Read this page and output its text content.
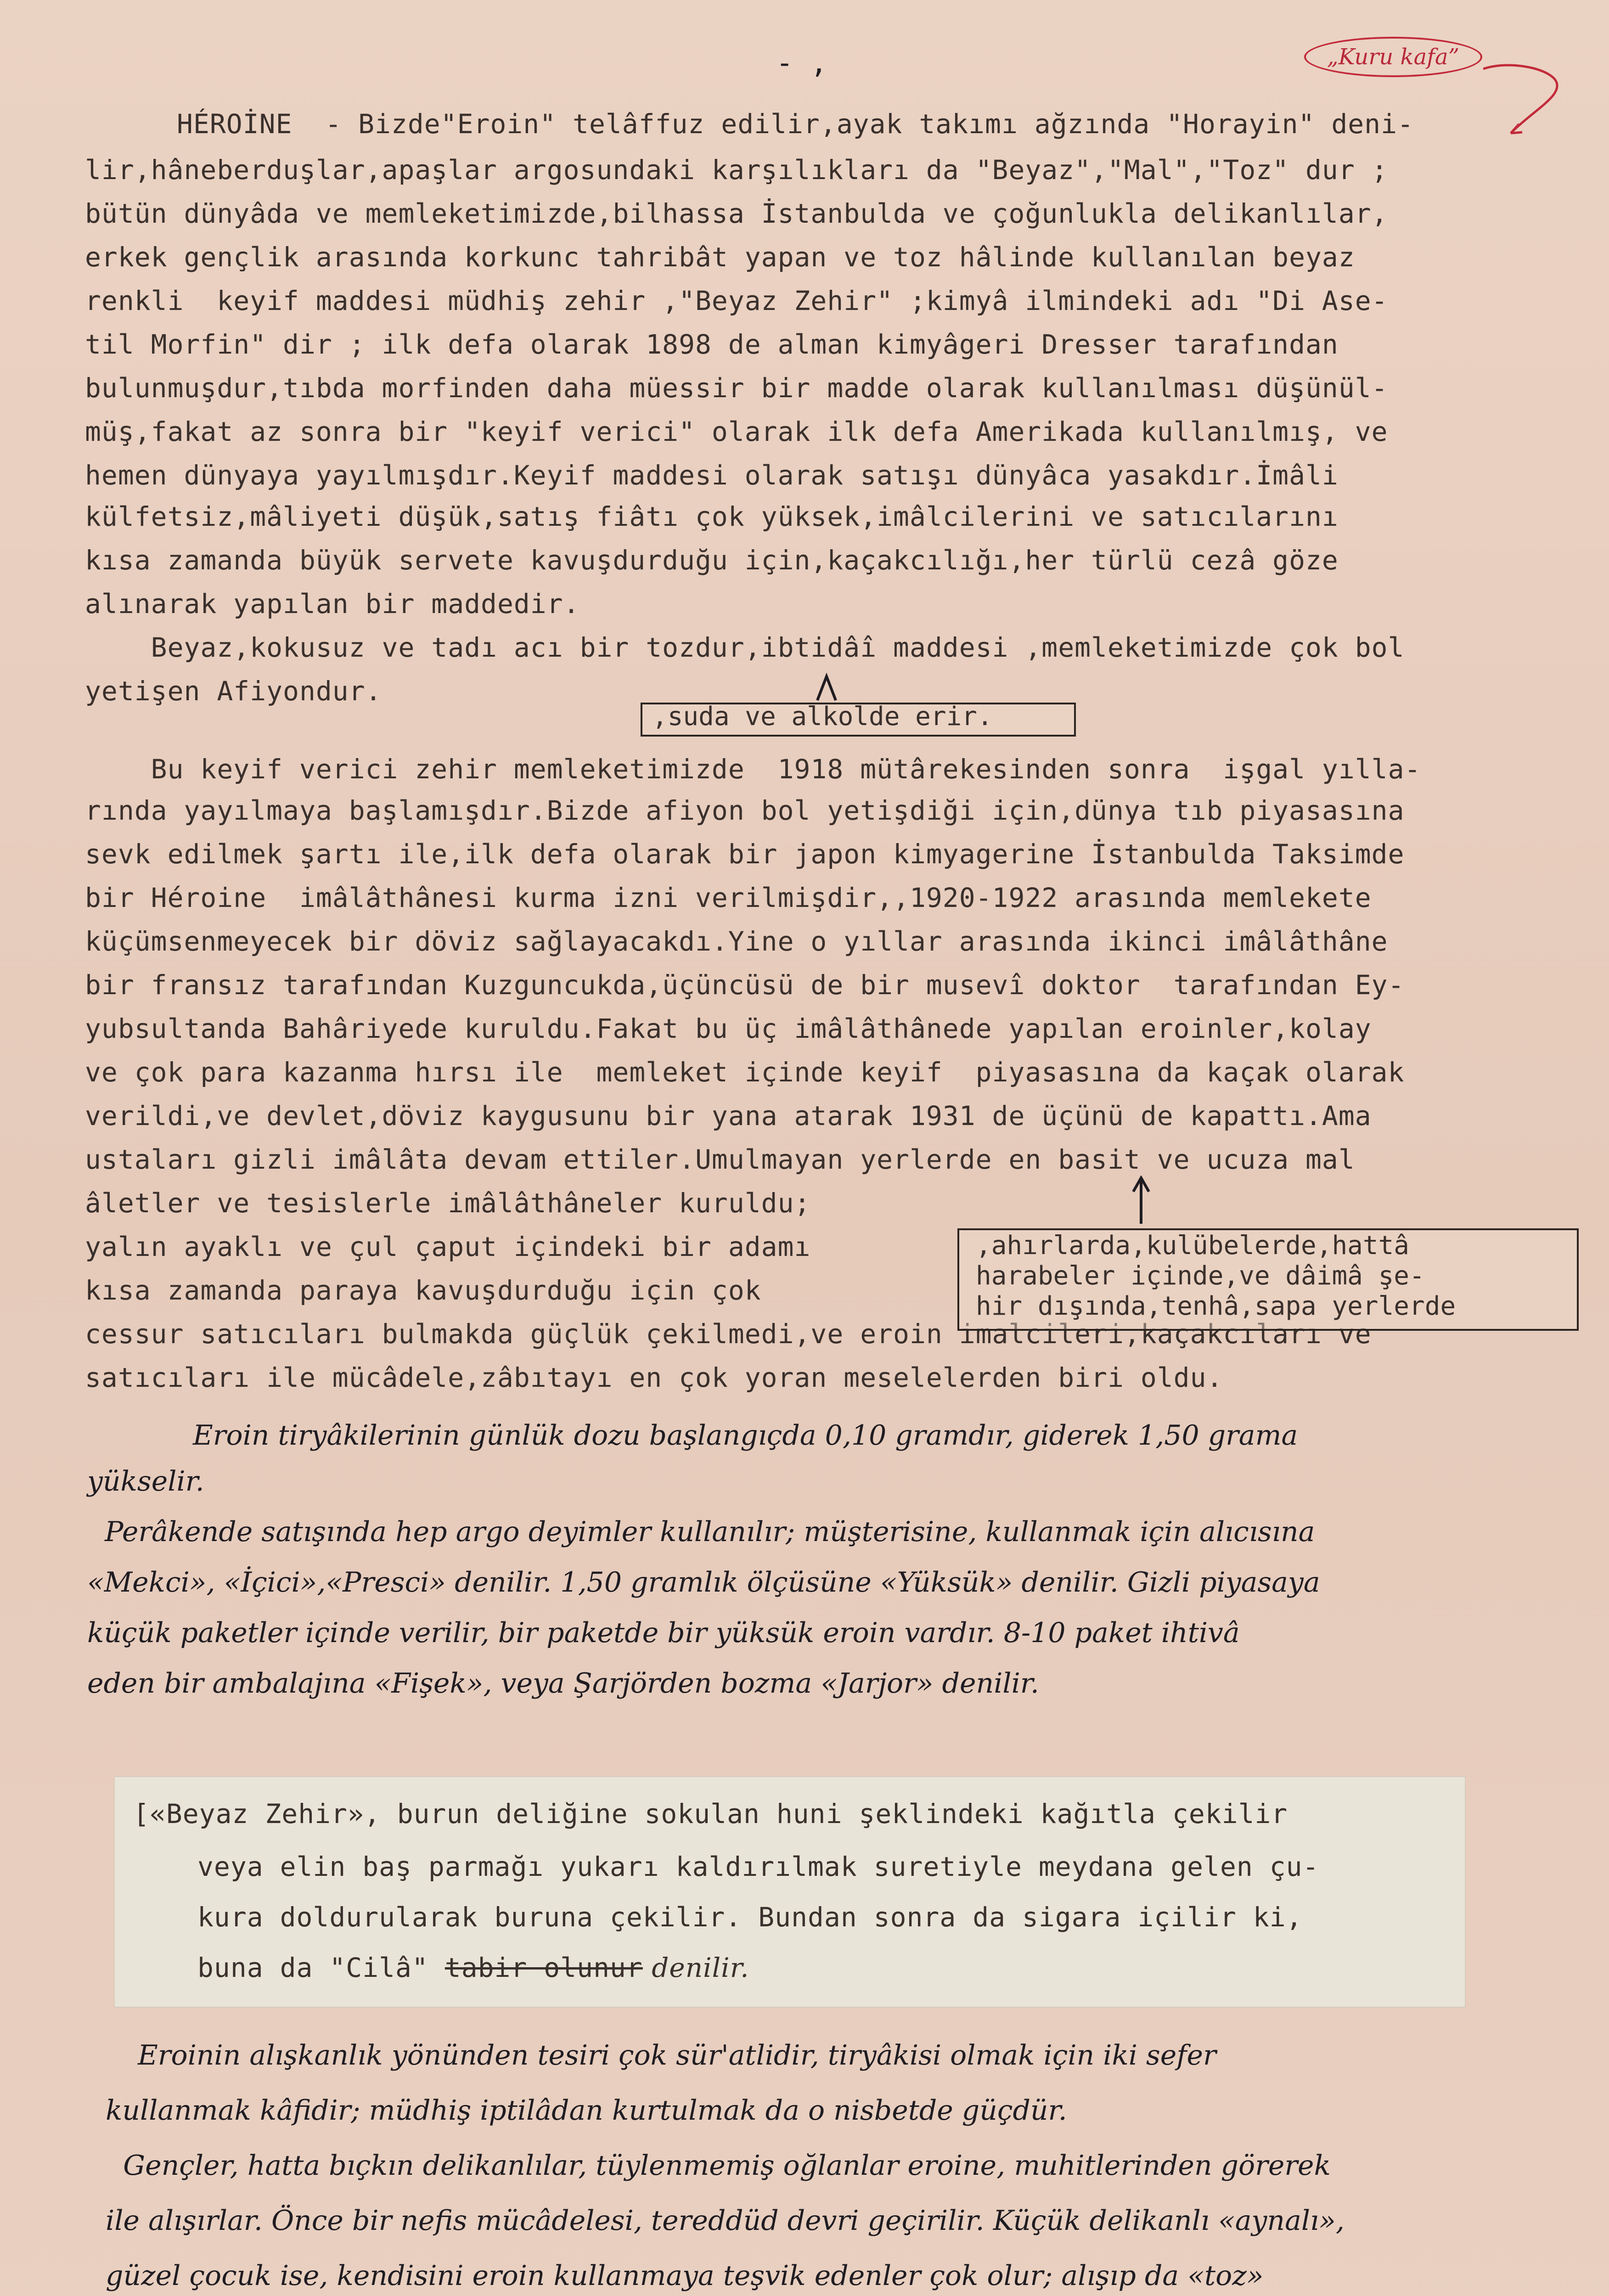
- ,	„Kuru kafa”
HÉROİNE  - Bizde"Eroin" telâffuz edilir,ayak takımı ağzında "Horayin" deni-
lir,hâneberduşlar,apaşlar argosundaki karşılıkları da "Beyaz","Mal","Toz" dur ;
bütün dünyâda ve memleketimizde,bilhassa İstanbulda ve çoğunlukla delikanlılar,
erkek gençlik arasında korkunc tahribât yapan ve toz hâlinde kullanılan beyaz
renkli  keyif maddesi müdhiş zehir ,"Beyaz Zehir" ;kimyâ ilmindeki adı "Di Ase-
til Morfin" dir ; ilk defa olarak 1898 de alman kimyâgeri Dresser tarafından
bulunmuşdur,tıbda morfinden daha müessir bir madde olarak kullanılması düşünül-
müş,fakat az sonra bir "keyif verici" olarak ilk defa Amerikada kullanılmış, ve
hemen dünyaya yayılmışdır.Keyif maddesi olarak satışı dünyâca yasakdır.İmâli
külfetsiz,mâliyeti düşük,satış fiâtı çok yüksek,imâlcilerini ve satıcılarını
kısa zamanda büyük servete kavuşdurduğu için,kaçakcılığı,her türlü cezâ göze
alınarak yapılan bir maddedir.
Beyaz,kokusuz ve tadı acı bir tozdur,ibtidâî maddesi ,memleketimizde çok bol
yetişen Afiyondur.
Bu keyif verici zehir memleketimizde  1918 mütârekesinden sonra  işgal yılla-
rında yayılmaya başlamışdır.Bizde afiyon bol yetişdiği için,dünya tıb piyasasına
sevk edilmek şartı ile,ilk defa olarak bir japon kimyagerine İstanbulda Taksimde
bir Héroine  imâlâthânesi kurma izni verilmişdir,,1920-1922 arasında memlekete
küçümsenmeyecek bir döviz sağlayacakdı.Yine o yıllar arasında ikinci imâlâthâne
bir fransız tarafından Kuzguncukda,üçüncüsü de bir musevî doktor  tarafından Ey-
yubsultanda Bahâriyede kuruldu.Fakat bu üç imâlâthânede yapılan eroinler,kolay
ve çok para kazanma hırsı ile  memleket içinde keyif  piyasasına da kaçak olarak
verildi,ve devlet,döviz kaygusunu bir yana atarak 1931 de üçünü de kapattı.Ama
ustaları gizli imâlâta devam ettiler.Umulmayan yerlerde en basit ve ucuza mal
âletler ve tesislerle imâlâthâneler kuruldu;
yalın ayaklı ve çul çaput içindeki bir adamı
kısa zamanda paraya kavuşdurduğu için çok
cessur satıcıları bulmakda güçlük çekilmedi,ve eroin imalcileri,kaçakcıları ve
satıcıları ile mücâdele,zâbıtayı en çok yoran meselelerden biri oldu.
,suda ve alkolde erir.
,ahırlarda,kulübelerde,hattâ
harabeler içinde,ve dâimâ şe-
hir dışında,tenhâ,sapa yerlerde
Eroin tiryâkilerinin günlük dozu başlangıçda 0,10 gramdır, giderek 1,50 grama
yükselir.
Perâkende satışında hep argo deyimler kullanılır; müşterisine, kullanmak için alıcısına
«Mekci», «İçici»,«Presci» denilir. 1,50 gramlık ölçüsüne «Yüksük» denilir. Gizli piyasaya
küçük paketler içinde verilir, bir paketde bir yüksük eroin vardır. 8-10 paket ihtivâ
eden bir ambalajına «Fişek», veya Şarjörden bozma «Jarjor» denilir.
[«Beyaz Zehir», burun deliğine sokulan huni şeklindeki kağıtla çekilir
veya elin baş parmağı yukarı kaldırılmak suretiyle meydana gelen çu-
kura doldurularak buruna çekilir. Bundan sonra da sigara içilir ki,
buna da "Cilâ" tabir olunur denilir.
Eroinin alışkanlık yönünden tesiri çok sür'atlidir, tiryâkisi olmak için iki sefer
kullanmak kâfidir; müdhiş iptilâdan kurtulmak da o nisbetde güçdür.
Gençler, hatta bıçkın delikanlılar, tüylenmemiş oğlanlar eroine, muhitlerinden görerek
ile alışırlar. Önce bir nefis mücâdelesi, tereddüd devri geçirilir. Küçük delikanlı «aynalı»,
güzel çocuk ise, kendisini eroin kullanmaya teşvik edenler çok olur; alışıp da «toz»
